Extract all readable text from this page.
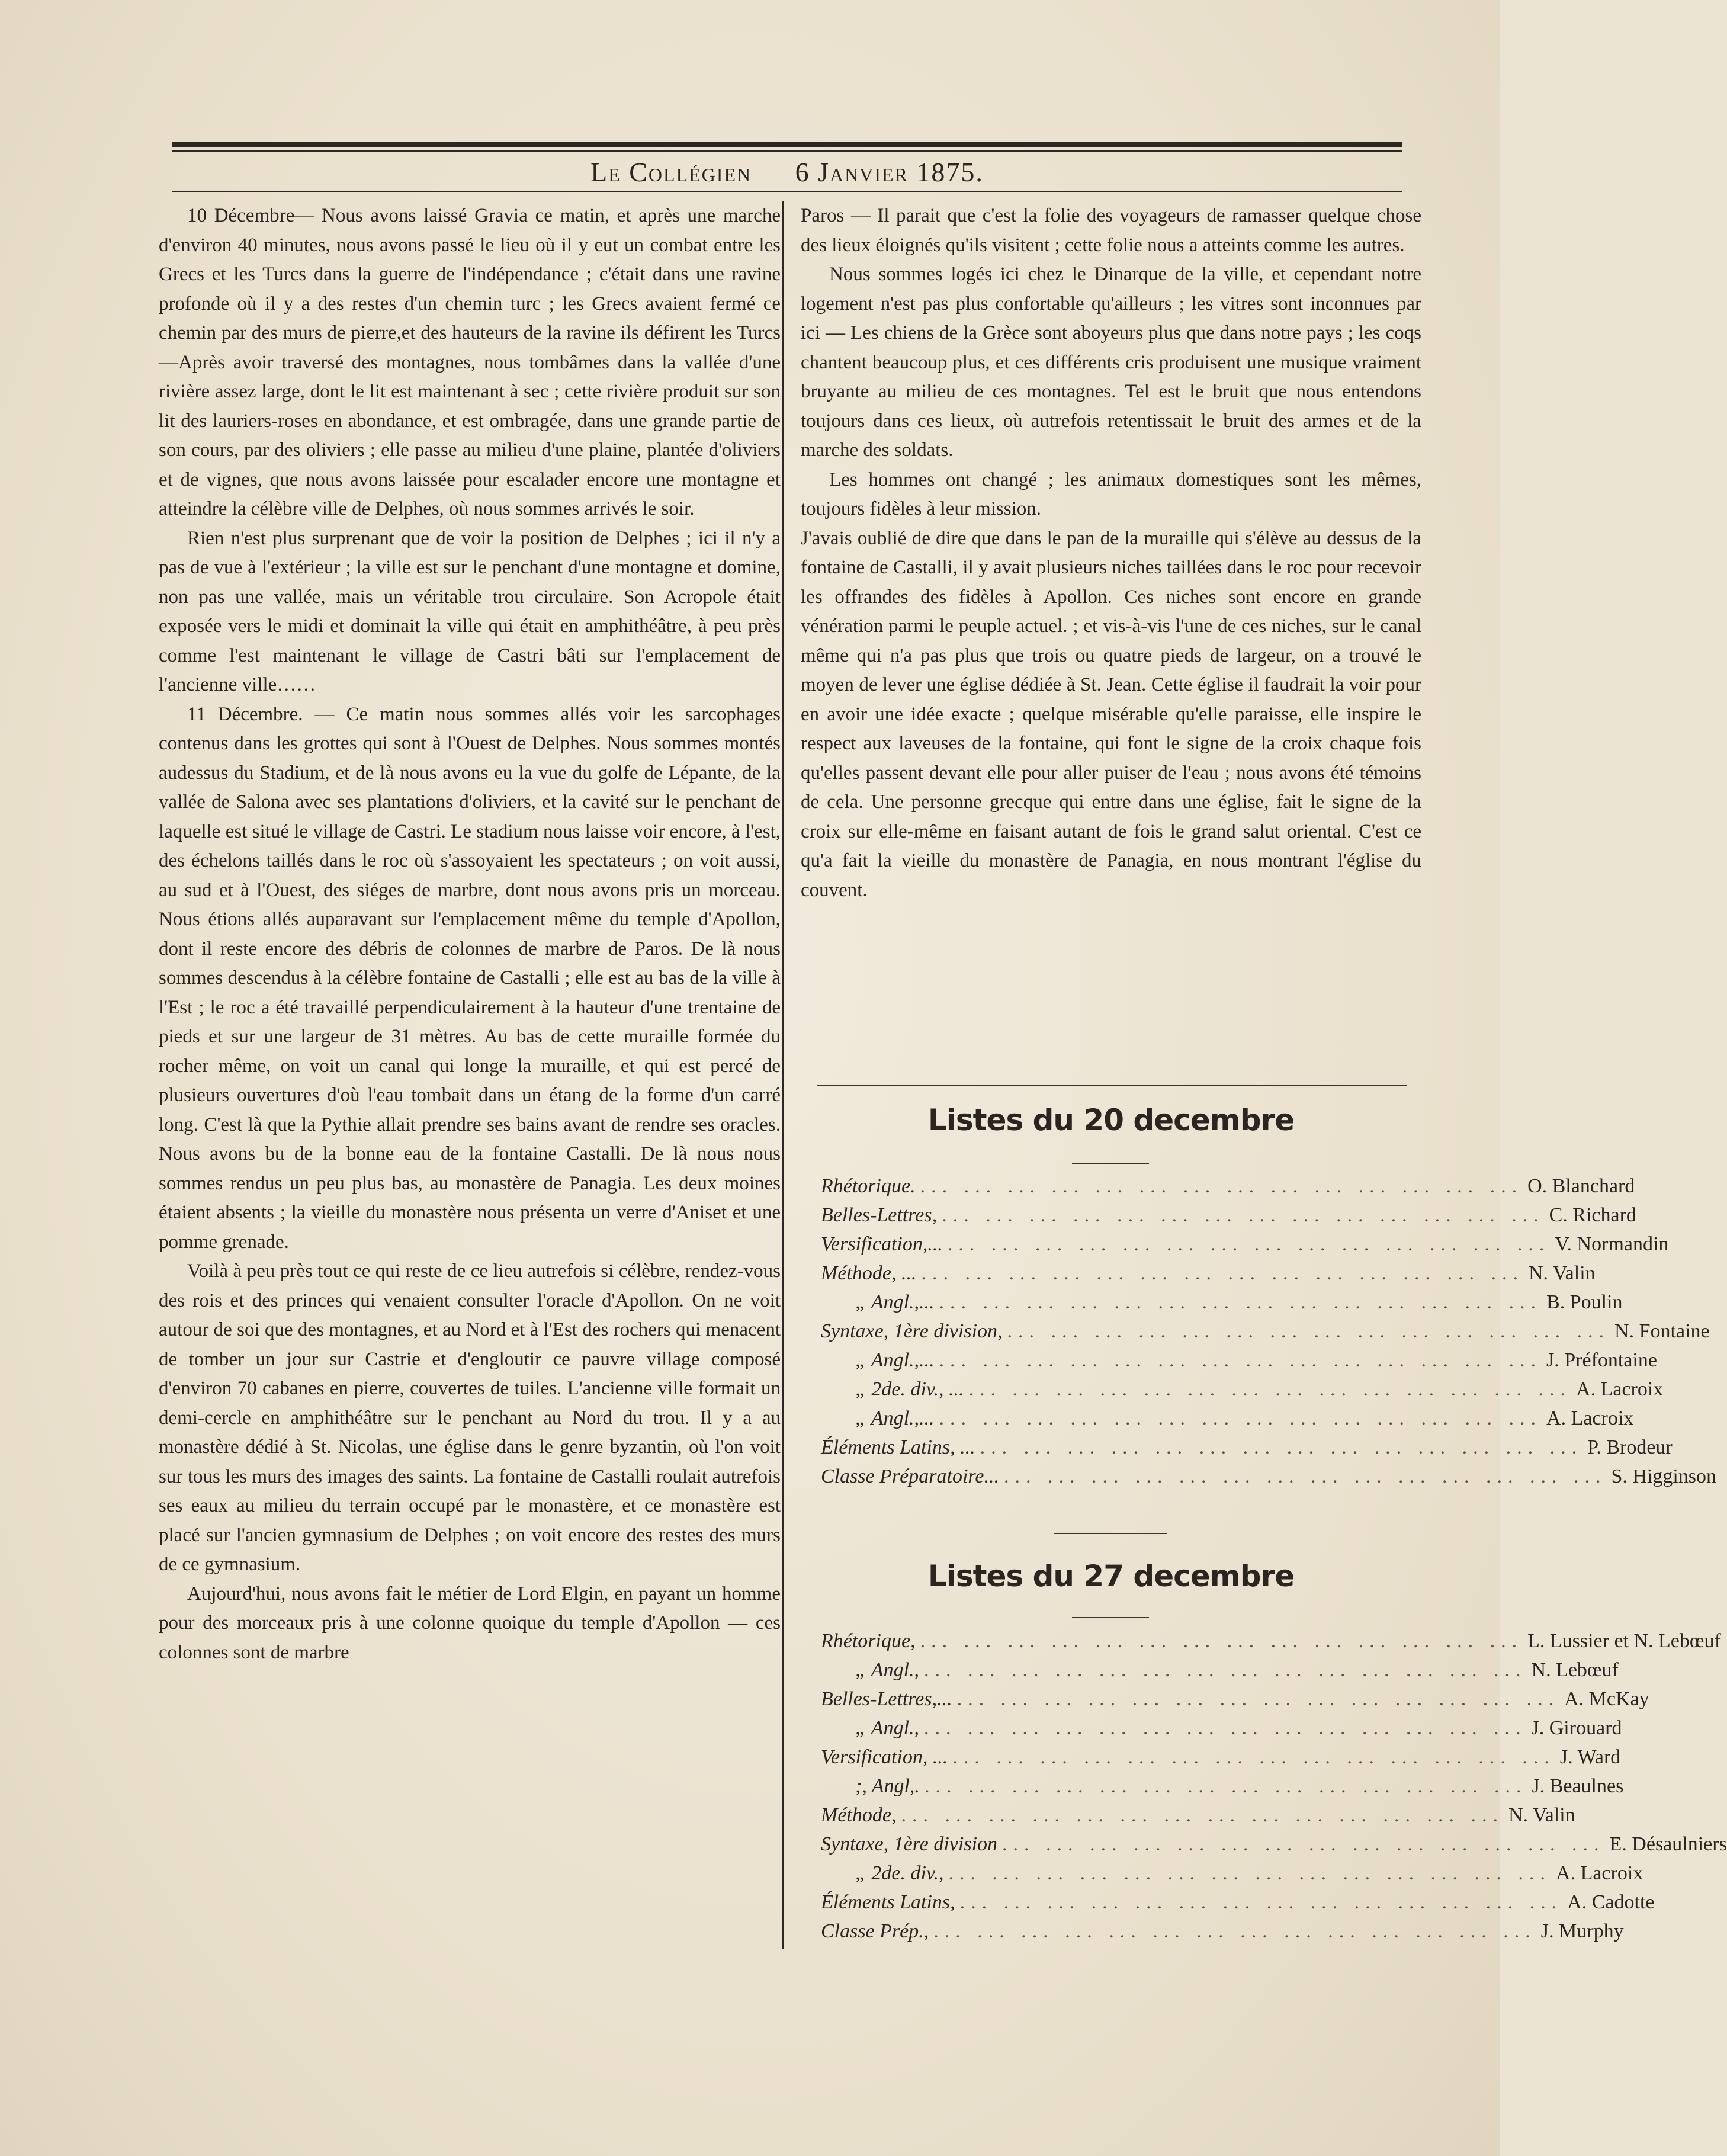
Le Collégien 6 Janvier 1875.

10 Décembre— Nous avons laissé Gravia ce matin, et après une marche d'environ 40 minutes, nous avons passé le lieu où il y eut un combat entre les Grecs et les Turcs dans la guerre de l'indépendance ; c'était dans une ravine profonde où il y a des restes d'un chemin turc ; les Grecs avaient fermé ce chemin par des murs de pierre,et des hauteurs de la ravine ils défirent les Turcs—Après avoir traversé des montagnes, nous tombâmes dans la vallée d'une rivière assez large, dont le lit est maintenant à sec ; cette rivière produit sur son lit des lauriers-roses en abondance, et est ombragée, dans une grande partie de son cours, par des oliviers ; elle passe au milieu d'une plaine, plantée d'oliviers et de vignes, que nous avons laissée pour escalader encore une montagne et atteindre la célèbre ville de Delphes, où nous sommes arrivés le soir.

Rien n'est plus surprenant que de voir la position de Delphes ; ici il n'y a pas de vue à l'extérieur ; la ville est sur le penchant d'une montagne et domine, non pas une vallée, mais un véritable trou circulaire. Son Acropole était exposée vers le midi et dominait la ville qui était en amphithéâtre, à peu près comme l'est maintenant le village de Castri bâti sur l'emplacement de l'ancienne ville……

11 Décembre. — Ce matin nous sommes allés voir les sarcophages contenus dans les grottes qui sont à l'Ouest de Delphes. Nous sommes montés audessus du Stadium, et de là nous avons eu la vue du golfe de Lépante, de la vallée de Salona avec ses plantations d'oliviers, et la cavité sur le penchant de laquelle est situé le village de Castri. Le stadium nous laisse voir encore, à l'est, des échelons taillés dans le roc où s'assoyaient les spectateurs ; on voit aussi, au sud et à l'Ouest, des siéges de marbre, dont nous avons pris un morceau. Nous étions allés auparavant sur l'emplacement même du temple d'Apollon, dont il reste encore des débris de colonnes de marbre de Paros. De là nous sommes descendus à la célèbre fontaine de Castalli ; elle est au bas de la ville à l'Est ; le roc a été travaillé perpendiculairement à la hauteur d'une trentaine de pieds et sur une largeur de 31 mètres. Au bas de cette muraille formée du rocher même, on voit un canal qui longe la muraille, et qui est percé de plusieurs ouvertures d'où l'eau tombait dans un étang de la forme d'un carré long. C'est là que la Pythie allait prendre ses bains avant de rendre ses oracles. Nous avons bu de la bonne eau de la fontaine Castalli. De là nous nous sommes rendus un peu plus bas, au monastère de Panagia. Les deux moines étaient absents ; la vieille du monastère nous présenta un verre d'Aniset et une pomme grenade.

Voilà à peu près tout ce qui reste de ce lieu autrefois si célèbre, rendez-vous des rois et des princes qui venaient consulter l'oracle d'Apollon. On ne voit autour de soi que des montagnes, et au Nord et à l'Est des rochers qui menacent de tomber un jour sur Castrie et d'engloutir ce pauvre village composé d'environ 70 cabanes en pierre, couvertes de tuiles. L'ancienne ville formait un demi-cercle en amphithéâtre sur le penchant au Nord du trou. Il y a au monastère dédié à St. Nicolas, une église dans le genre byzantin, où l'on voit sur tous les murs des images des saints. La fontaine de Castalli roulait autrefois ses eaux au milieu du terrain occupé par le monastère, et ce monastère est placé sur l'ancien gymnasium de Delphes ; on voit encore des restes des murs de ce gymnasium.

Aujourd'hui, nous avons fait le métier de Lord Elgin, en payant un homme pour des morceaux pris à une colonne quoique du temple d'Apollon — ces colonnes sont de marbre

Paros — Il parait que c'est la folie des voyageurs de ramasser quelque chose des lieux éloignés qu'ils visitent ; cette folie nous a atteints comme les autres.

Nous sommes logés ici chez le Dinarque de la ville, et cependant notre logement n'est pas plus confortable qu'ailleurs ; les vitres sont inconnues par ici — Les chiens de la Grèce sont aboyeurs plus que dans notre pays ; les coqs chantent beaucoup plus, et ces différents cris produisent une musique vraiment bruyante au milieu de ces montagnes. Tel est le bruit que nous entendons toujours dans ces lieux, où autrefois retentissait le bruit des armes et de la marche des soldats.

Les hommes ont changé ; les animaux domestiques sont les mêmes, toujours fidèles à leur mission.

J'avais oublié de dire que dans le pan de la muraille qui s'élève au dessus de la fontaine de Castalli, il y avait plusieurs niches taillées dans le roc pour recevoir les offrandes des fidèles à Apollon. Ces niches sont encore en grande vénération parmi le peuple actuel. ; et vis-à-vis l'une de ces niches, sur le canal même qui n'a pas plus que trois ou quatre pieds de largeur, on a trouvé le moyen de lever une église dédiée à St. Jean. Cette église il faudrait la voir pour en avoir une idée exacte ; quelque misérable qu'elle paraisse, elle inspire le respect aux laveuses de la fontaine, qui font le signe de la croix chaque fois qu'elles passent devant elle pour aller puiser de l'eau ; nous avons été témoins de cela. Une personne grecque qui entre dans une église, fait le signe de la croix sur elle-même en faisant autant de fois le grand salut oriental. C'est ce qu'a fait la vieille du monastère de Panagia, en nous montrant l'église du couvent.

Listes du 20 decembre
Rhétorique. ... ... ... ... ... ... ... ... ... ... ... ... ... ... O. Blanchard
Belles-Lettres, ... ... ... ... ... ... ... ... ... ... ... ... ... ... C. Richard
Versification,... ... ... ... ... ... ... ... ... ... ... ... ... ... ... V. Normandin
Méthode, ... ... ... ... ... ... ... ... ... ... ... ... ... ... ... N. Valin
„ Angl.,... ... ... ... ... ... ... ... ... ... ... ... ... ... ... B. Poulin
Syntaxe, 1ère division, ... ... ... ... ... ... ... ... ... ... ... ... ... ... N. Fontaine
„ Angl.,... ... ... ... ... ... ... ... ... ... ... ... ... ... ... J. Préfontaine
„ 2de. div., ... ... ... ... ... ... ... ... ... ... ... ... ... ... ... A. Lacroix
„ Angl.,... ... ... ... ... ... ... ... ... ... ... ... ... ... ... A. Lacroix
Éléments Latins, ... ... ... ... ... ... ... ... ... ... ... ... ... ... ... P. Brodeur
Classe Préparatoire... ... ... ... ... ... ... ... ... ... ... ... ... ... ... S. Higginson
Listes du 27 decembre
Rhétorique, ... ... ... ... ... ... ... ... ... ... ... ... ... ... L. Lussier et N. Lebœuf
„ Angl., ... ... ... ... ... ... ... ... ... ... ... ... ... ... N. Lebœuf
Belles-Lettres,... ... ... ... ... ... ... ... ... ... ... ... ... ... ... A. McKay
„ Angl., ... ... ... ... ... ... ... ... ... ... ... ... ... ... J. Girouard
Versification, ... ... ... ... ... ... ... ... ... ... ... ... ... ... ... J. Ward
;, Angl,. ... ... ... ... ... ... ... ... ... ... ... ... ... ... J. Beaulnes
Méthode, ... ... ... ... ... ... ... ... ... ... ... ... ... ... N. Valin
Syntaxe, 1ère division ... ... ... ... ... ... ... ... ... ... ... ... ... ... E. Désaulniers
„ 2de. div., ... ... ... ... ... ... ... ... ... ... ... ... ... ... A. Lacroix
Éléments Latins, ... ... ... ... ... ... ... ... ... ... ... ... ... ... A. Cadotte
Classe Prép., ... ... ... ... ... ... ... ... ... ... ... ... ... ... J. Murphy
